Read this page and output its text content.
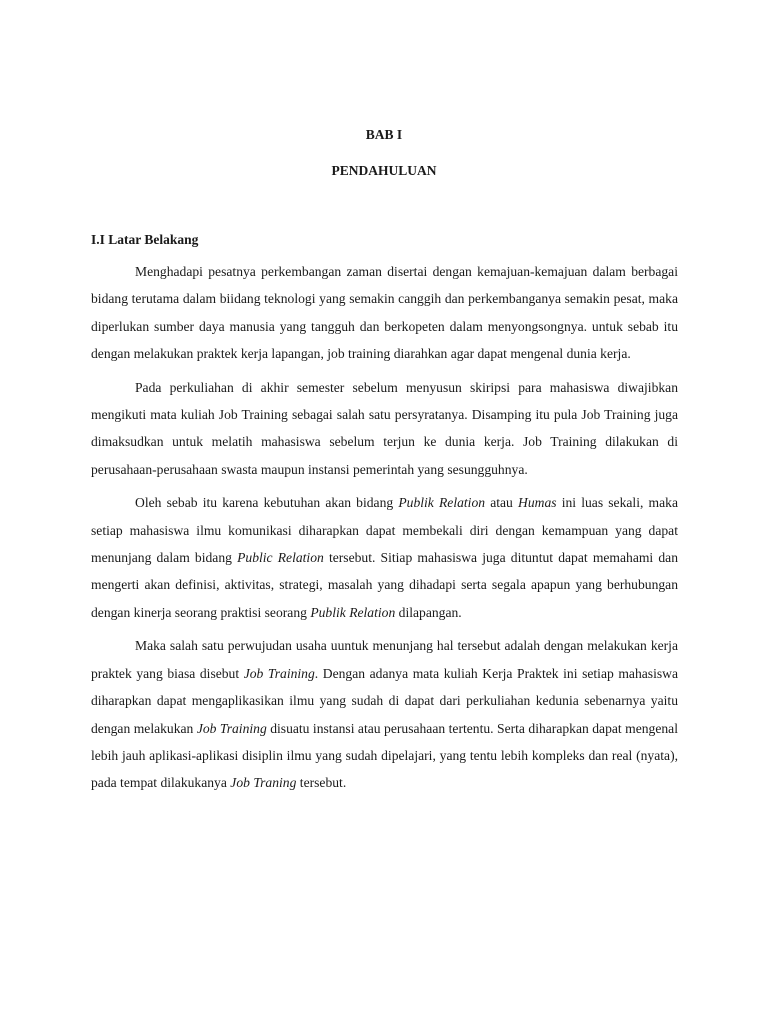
BAB I
PENDAHULUAN
I.I Latar Belakang

Menghadapi pesatnya perkembangan zaman disertai dengan kemajuan-kemajuan dalam berbagai bidang terutama dalam biidang teknologi yang semakin canggih dan perkembanganya semakin pesat, maka diperlukan sumber daya manusia yang tangguh dan berkopeten dalam menyongsongnya. untuk sebab itu dengan melakukan praktek kerja lapangan, job training diarahkan agar dapat mengenal dunia kerja.

Pada perkuliahan di akhir semester sebelum menyusun skiripsi para mahasiswa diwajibkan mengikuti mata kuliah Job Training sebagai salah satu persyratanya. Disamping itu pula Job Training juga dimaksudkan untuk melatih mahasiswa sebelum terjun ke dunia kerja. Job Training dilakukan di perusahaan-perusahaan swasta maupun instansi pemerintah yang sesungguhnya.

Oleh sebab itu karena kebutuhan akan bidang Publik Relation atau Humas ini luas sekali, maka setiap mahasiswa ilmu komunikasi diharapkan dapat membekali diri dengan kemampuan yang dapat menunjang dalam bidang Public Relation tersebut. Sitiap mahasiswa juga dituntut dapat memahami dan mengerti akan definisi, aktivitas, strategi, masalah yang dihadapi serta segala apapun yang berhubungan dengan kinerja seorang praktisi seorang Publik Relation dilapangan.

Maka salah satu perwujudan usaha uuntuk menunjang hal tersebut adalah dengan melakukan kerja praktek yang biasa disebut Job Training. Dengan adanya mata kuliah Kerja Praktek ini setiap mahasiswa diharapkan dapat mengaplikasikan ilmu yang sudah di dapat dari perkuliahan kedunia sebenarnya yaitu dengan melakukan Job Training disuatu instansi atau perusahaan tertentu. Serta diharapkan dapat mengenal lebih jauh aplikasi-aplikasi disiplin ilmu yang sudah dipelajari, yang tentu lebih kompleks dan real (nyata), pada tempat dilakukanya Job Traning tersebut.
